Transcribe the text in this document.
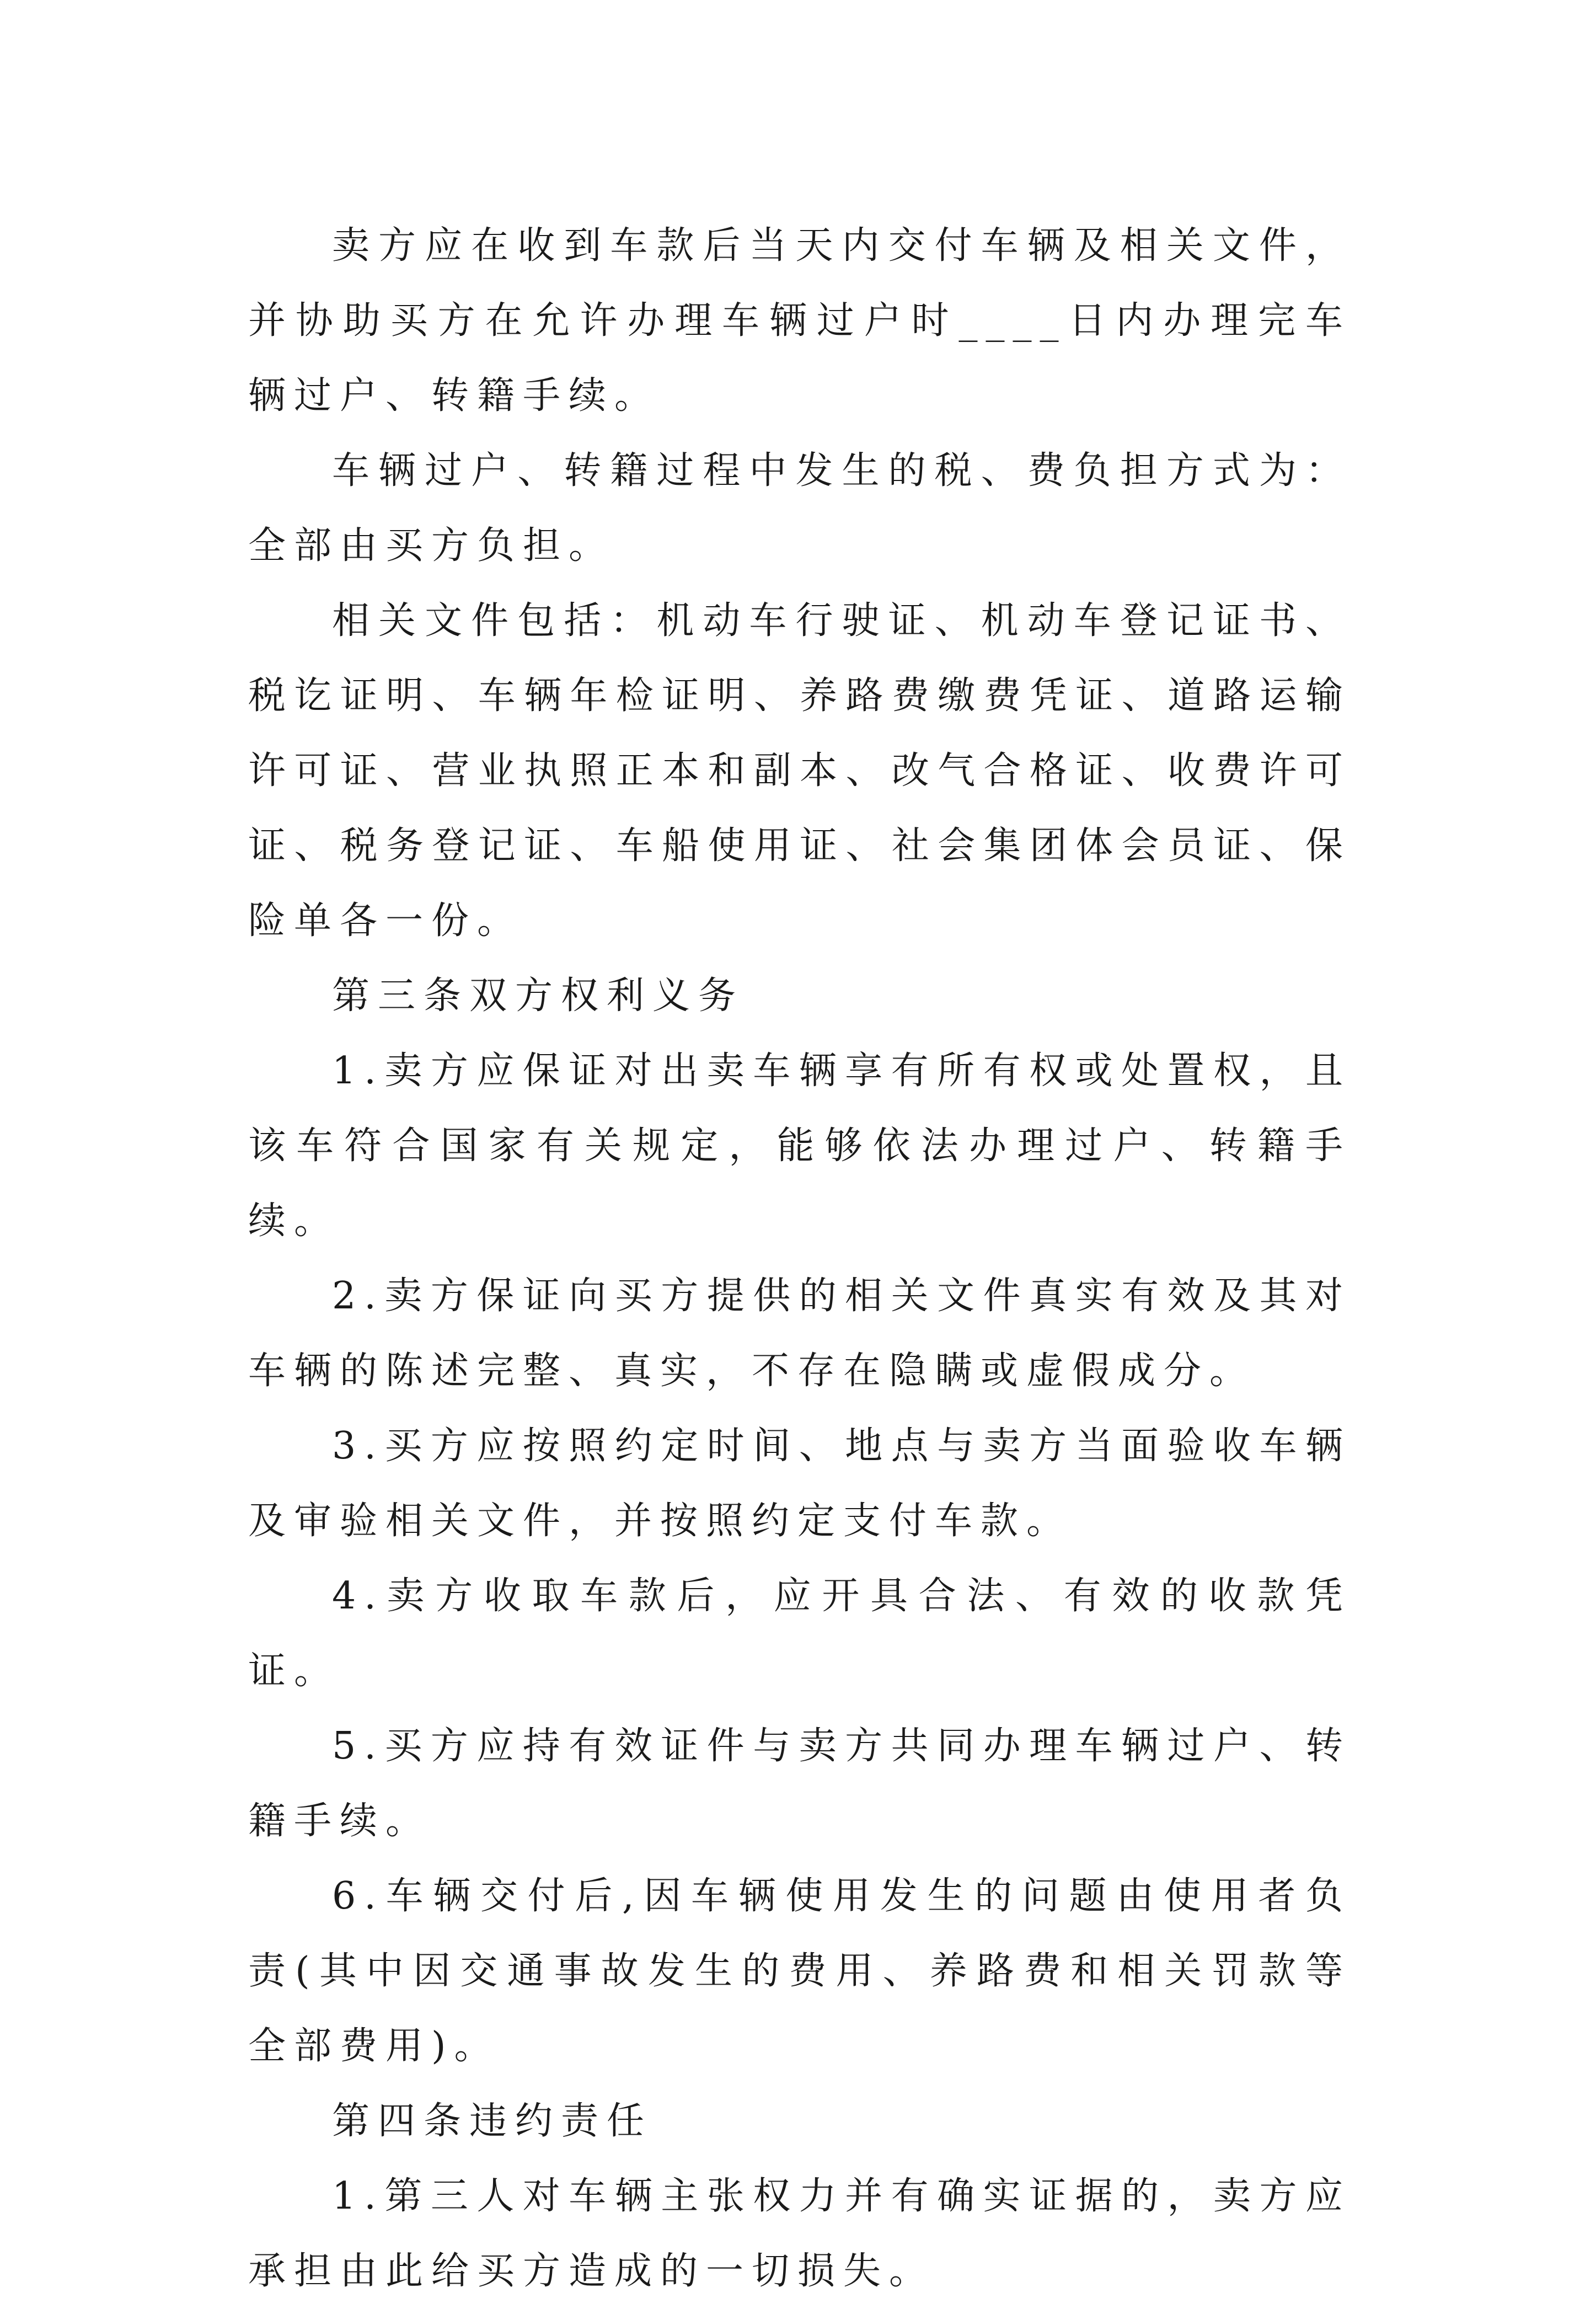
卖方应在收到车款后当天内交付车辆及相关文件，并协助买方在允许办理车辆过户时____日内办理完车辆过户、转籍手续。

车辆过户、转籍过程中发生的税、费负担方式为：全部由买方负担。

相关文件包括：机动车行驶证、机动车登记证书、税讫证明、车辆年检证明、养路费缴费凭证、道路运输许可证、营业执照正本和副本、改气合格证、收费许可证、税务登记证、车船使用证、社会集团体会员证、保险单各一份。

第三条双方权利义务

1.卖方应保证对出卖车辆享有所有权或处置权，且该车符合国家有关规定，能够依法办理过户、转籍手续。

2.卖方保证向买方提供的相关文件真实有效及其对车辆的陈述完整、真实，不存在隐瞒或虚假成分。

3.买方应按照约定时间、地点与卖方当面验收车辆及审验相关文件，并按照约定支付车款。

4.卖方收取车款后，应开具合法、有效的收款凭证。

5.买方应持有效证件与卖方共同办理车辆过户、转籍手续。

6.车辆交付后,因车辆使用发生的问题由使用者负责(其中因交通事故发生的费用、养路费和相关罚款等全部费用)。

第四条违约责任

1.第三人对车辆主张权力并有确实证据的，卖方应承担由此给买方造成的一切损失。
